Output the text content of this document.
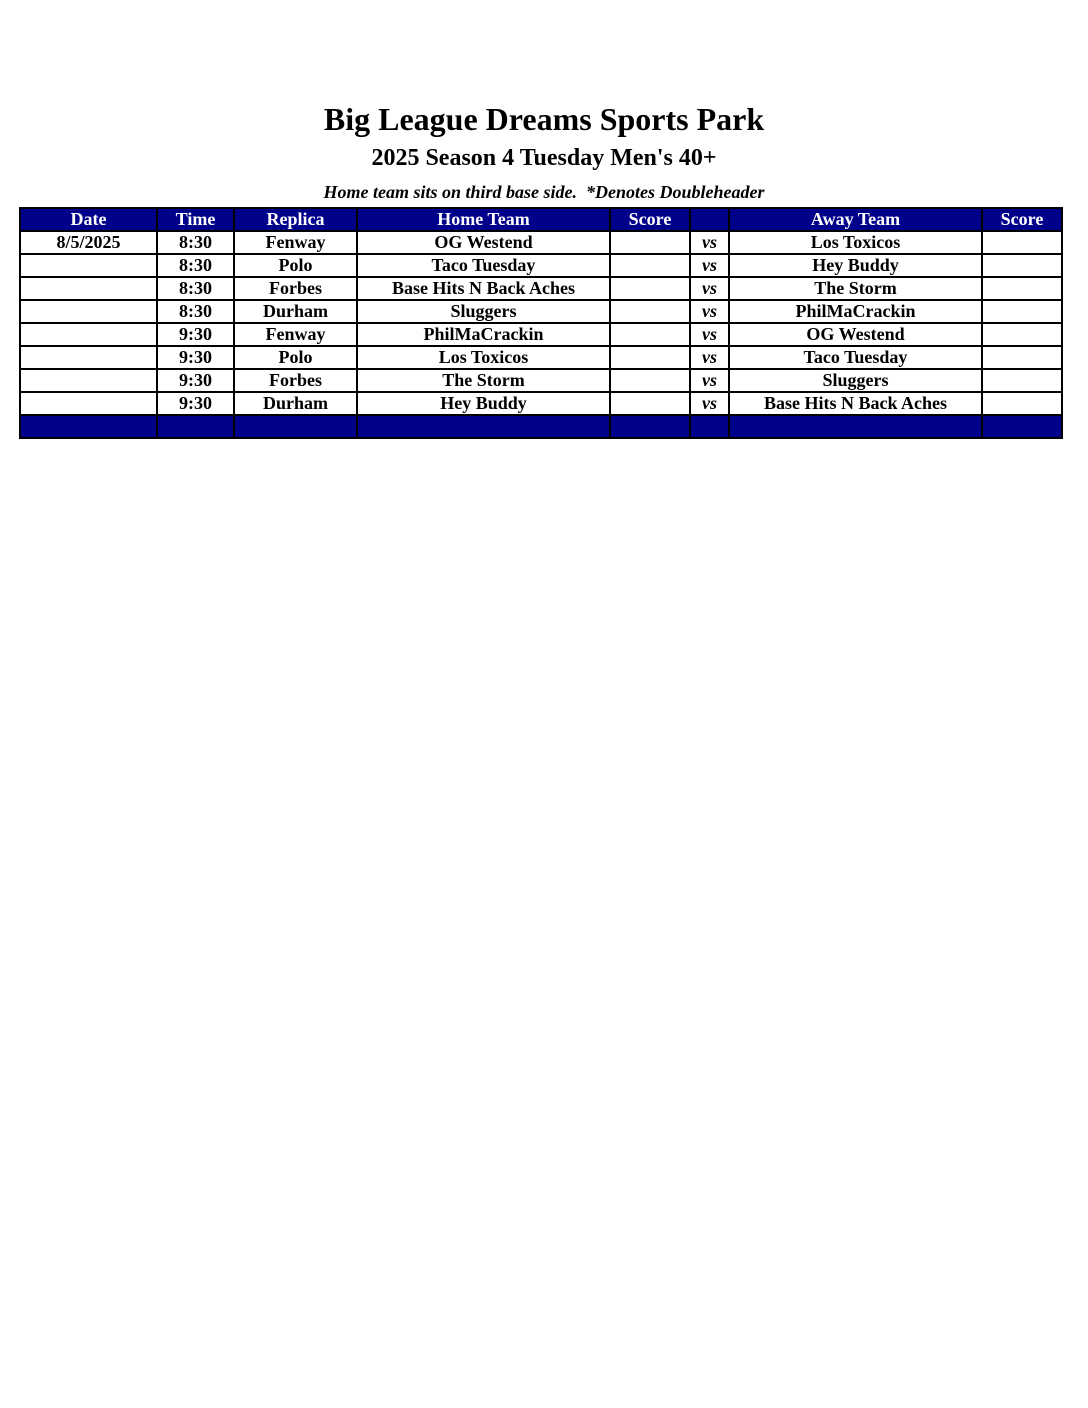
Big League Dreams Sports Park
2025 Season 4 Tuesday Men's 40+
Home team sits on third base side.  *Denotes Doubleheader
Date	Time	Replica	Home Team	Score		Away Team	Score
8/5/2025	8:30	Fenway	OG Westend		vs	Los Toxicos	
	8:30	Polo	Taco Tuesday		vs	Hey Buddy	
	8:30	Forbes	Base Hits N Back Aches		vs	The Storm	
	8:30	Durham	Sluggers		vs	PhilMaCrackin	
	9:30	Fenway	PhilMaCrackin		vs	OG Westend	
	9:30	Polo	Los Toxicos		vs	Taco Tuesday	
	9:30	Forbes	The Storm		vs	Sluggers	
	9:30	Durham	Hey Buddy		vs	Base Hits N Back Aches	
